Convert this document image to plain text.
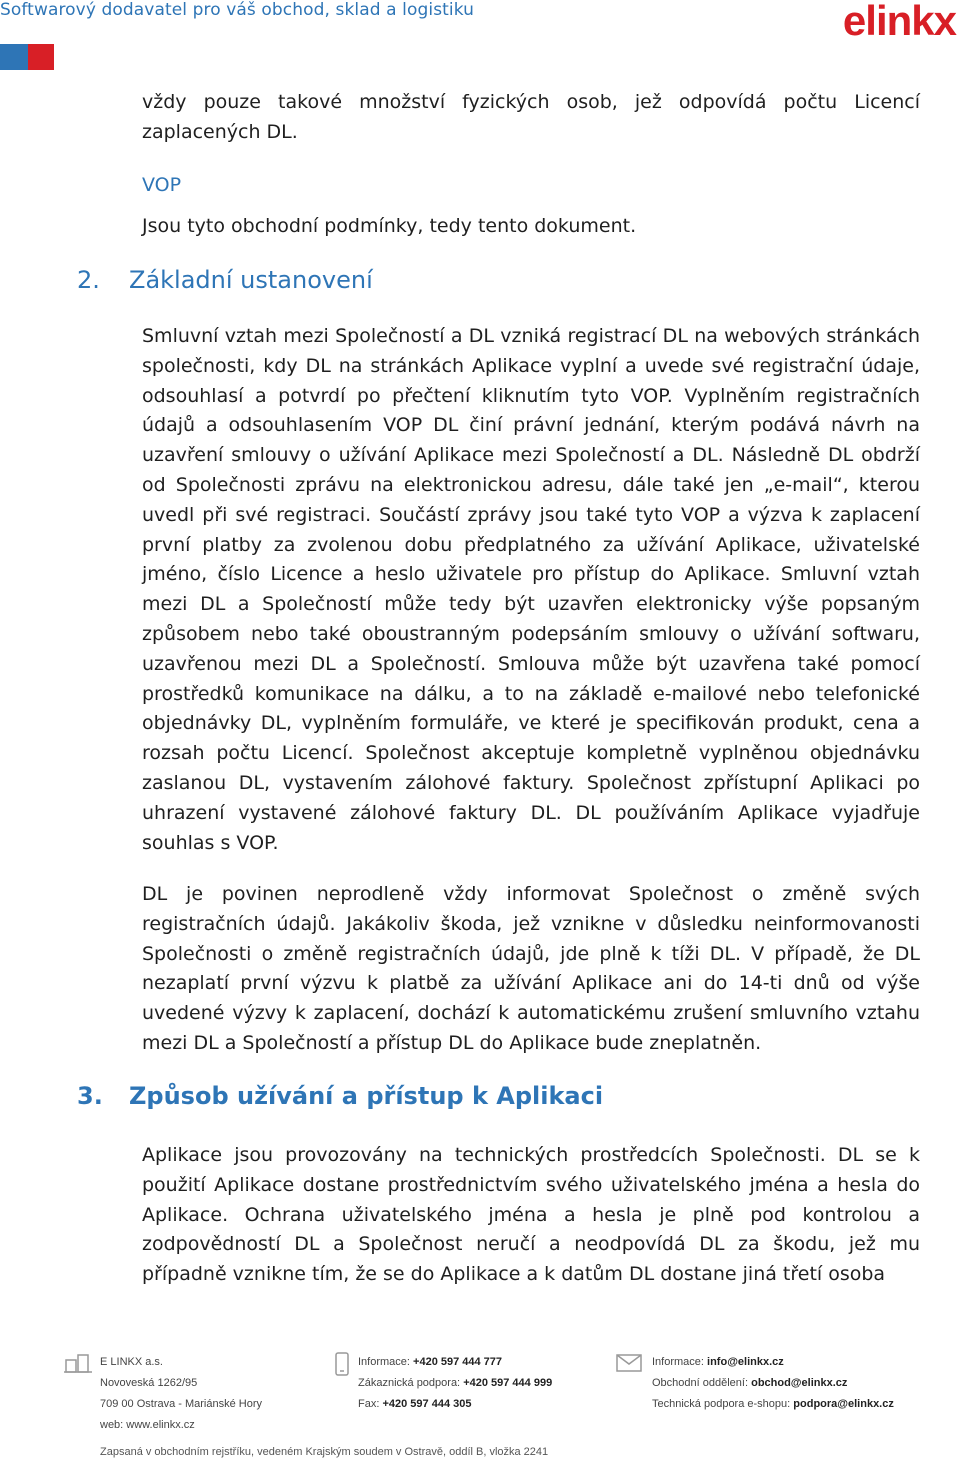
Softwarový dodavatel pro váš obchod, sklad a logistiku	elinkx

vždy pouze takové množství fyzických osob, jež odpovídá počtu Licencí zaplacených DL.

VOP

Jsou tyto obchodní podmínky, tedy tento dokument.

2. Základní ustanovení

Smluvní vztah mezi Společností a DL vzniká registrací DL na webových stránkách společnosti, kdy DL na stránkách Aplikace vyplní a uvede své registrační údaje, odsouhlasí a potvrdí po přečtení kliknutím tyto VOP. Vyplněním registračních údajů a odsouhlasením VOP DL činí právní jednání, kterým podává návrh na uzavření smlouvy o užívání Aplikace mezi Společností a DL. Následně DL obdrží od Společnosti zprávu na elektronickou adresu, dále také jen „e-mail“, kterou uvedl při své registraci. Součástí zprávy jsou také tyto VOP a výzva k zaplacení první platby za zvolenou dobu předplatného za užívání Aplikace, uživatelské jméno, číslo Licence a heslo uživatele pro přístup do Aplikace. Smluvní vztah mezi DL a Společností může tedy být uzavřen elektronicky výše popsaným způsobem nebo také oboustranným podepsáním smlouvy o užívání softwaru, uzavřenou mezi DL a Společností. Smlouva může být uzavřena také pomocí prostředků komunikace na dálku, a to na základě e-mailové nebo telefonické objednávky DL, vyplněním formuláře, ve které je specifikován produkt, cena a rozsah počtu Licencí. Společnost akceptuje kompletně vyplněnou objednávku zaslanou DL, vystavením zálohové faktury. Společnost zpřístupní Aplikaci po uhrazení vystavené zálohové faktury DL. DL používáním Aplikace vyjadřuje souhlas s VOP.

DL je povinen neprodleně vždy informovat Společnost o změně svých registračních údajů. Jakákoliv škoda, jež vznikne v důsledku neinformovanosti Společnosti o změně registračních údajů, jde plně k tíži DL. V případě, že DL nezaplatí první výzvu k platbě za užívání Aplikace ani do 14-ti dnů od výše uvedené výzvy k zaplacení, dochází k automatickému zrušení smluvního vztahu mezi DL a Společností a přístup DL do Aplikace bude zneplatněn.

3. Způsob užívání a přístup k Aplikaci

Aplikace jsou provozovány na technických prostředcích Společnosti. DL se k použití Aplikace dostane prostřednictvím svého uživatelského jména a hesla do Aplikace. Ochrana uživatelského jména a hesla je plně pod kontrolou a zodpovědností DL a Společnost neručí a neodpovídá DL za škodu, jež mu případně vznikne tím, že se do Aplikace a k datům DL dostane jiná třetí osoba

E LINKX a.s.
Novoveská 1262/95
709 00 Ostrava - Mariánské Hory
web: www.elinkx.cz
Informace: +420 597 444 777
Zákaznická podpora: +420 597 444 999
Fax: +420 597 444 305
Informace: info@elinkx.cz
Obchodní oddělení: obchod@elinkx.cz
Technická podpora e-shopu: podpora@elinkx.cz
Zapsaná v obchodním rejstříku, vedeném Krajským soudem v Ostravě, oddíl B, vložka 2241
